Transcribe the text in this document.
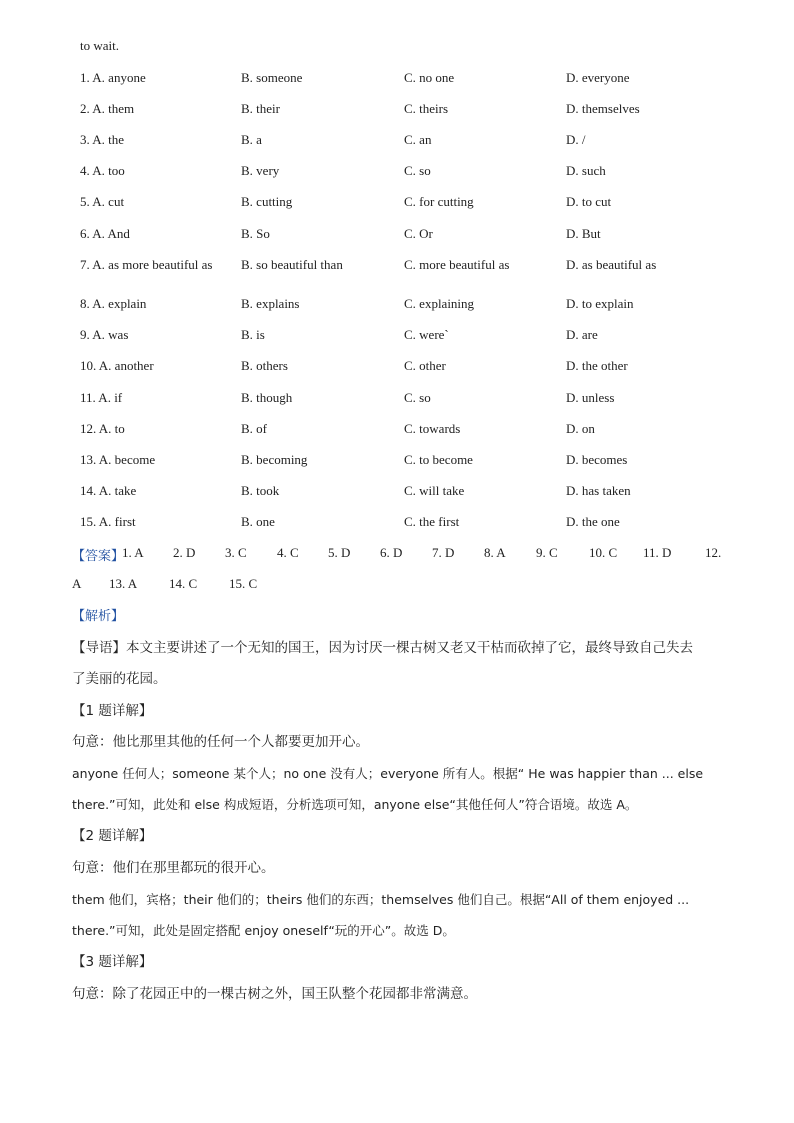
to wait.
1. A. anyone	B. someone	C. no one	D. everyone
2. A. them	B. their	C. theirs	D. themselves
3. A. the	B. a	C. an	D. /
4. A. too	B. very	C. so	D. such
5. A. cut	B. cutting	C. for cutting	D. to cut
6. A. And	B. So	C. Or	D. But
7. A. as more beautiful as	B. so beautiful than	C. more beautiful as	D. as beautiful as
8. A. explain	B. explains	C. explaining	D. to explain
9. A. was	B. is	C. were`	D. are
10. A. another	B. others	C. other	D. the other
11. A. if	B. though	C. so	D. unless
12. A. to	B. of	C. towards	D. on
13. A. become	B. becoming	C. to become	D. becomes
14. A. take	B. took	C. will take	D. has taken
15. A. first	B. one	C. the first	D. the one
【答案】
1. A 2. D 3. C 4. C 5. D 6. D 7. D 8. A 9. C 10. C 11. D	12.
A 13. A 14. C 15. C
【解析】
【导语】本文主要讲述了一个无知的国王，因为讨厌一棵古树又老又干枯而砍掉了它，最终导致自己失去
了美丽的花园。
【1 题详解】
句意：他比那里其他的任何一个人都要更加开心。
anyone 任何人；someone 某个人；no one 没有人；everyone 所有人。根据“ He was happier than ... else
there.”可知，此处和 else 构成短语，分析选项可知，anyone else“其他任何人”符合语境。故选 A。
【2 题详解】
句意：他们在那里都玩的很开心。
them 他们，宾格；their 他们的；theirs 他们的东西；themselves 他们自己。根据“All of them enjoyed ...
there.”可知，此处是固定搭配 enjoy oneself“玩的开心”。故选 D。
【3 题详解】
句意：除了花园正中的一棵古树之外，国王队整个花园都非常满意。
